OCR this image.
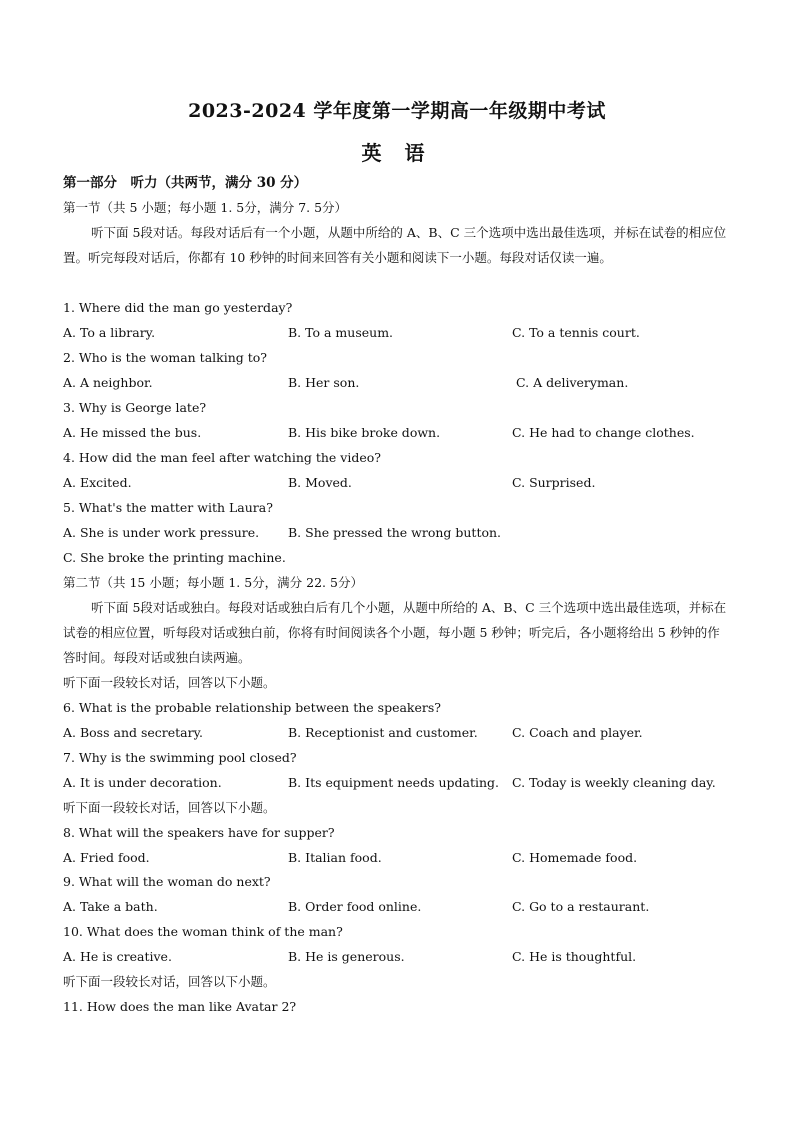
2023-2024 学年度第一学期高一年级期中考试
英 语
第一部分　听力（共两节，满分 30 分）
第一节（共 5 小题；每小题 1. 5分，满分 7. 5分）
听下面 5段对话。每段对话后有一个小题，从题中所给的 A、B、C 三个选项中选出最佳选项，并标在试卷的相应位置。听完每段对话后，你都有 10 秒钟的时间来回答有关小题和阅读下一小题。每段对话仅读一遍。
1. Where did the man go yesterday?
A. To a library.	B. To a museum.	C. To a tennis court.
2. Who is the woman talking to?
A. A neighbor.	B. Her son.	C. A deliveryman.
3. Why is George late?
A. He missed the bus.	B. His bike broke down.	C. He had to change clothes.
4. How did the man feel after watching the video?
A. Excited.	B. Moved.	C. Surprised.
5. What's the matter with Laura?
A. She is under work pressure. B. She pressed the wrong button.
C. She broke the printing machine.
第二节（共 15 小题；每小题 1. 5分，满分 22. 5分）
听下面 5段对话或独白。每段对话或独白后有几个小题，从题中所给的 A、B、C 三个选项中选出最佳选项，并标在试卷的相应位置，听每段对话或独白前，你将有时间阅读各个小题，每小题 5 秒钟；听完后，各小题将给出 5 秒钟的作答时间。每段对话或独白读两遍。
听下面一段较长对话，回答以下小题。
6. What is the probable relationship between the speakers?
A. Boss and secretary.	B. Receptionist and customer.	C. Coach and player.
7. Why is the swimming pool closed?
A. It is under decoration.	B. Its equipment needs updating. C. Today is weekly cleaning day.
听下面一段较长对话，回答以下小题。
8. What will the speakers have for supper?
A. Fried food.	B. Italian food.	C. Homemade food.
9. What will the woman do next?
A. Take a bath.	B. Order food online.	C. Go to a restaurant.
10. What does the woman think of the man?
A. He is creative.	B. He is generous.	C. He is thoughtful.
听下面一段较长对话，回答以下小题。
11. How does the man like Avatar 2?
